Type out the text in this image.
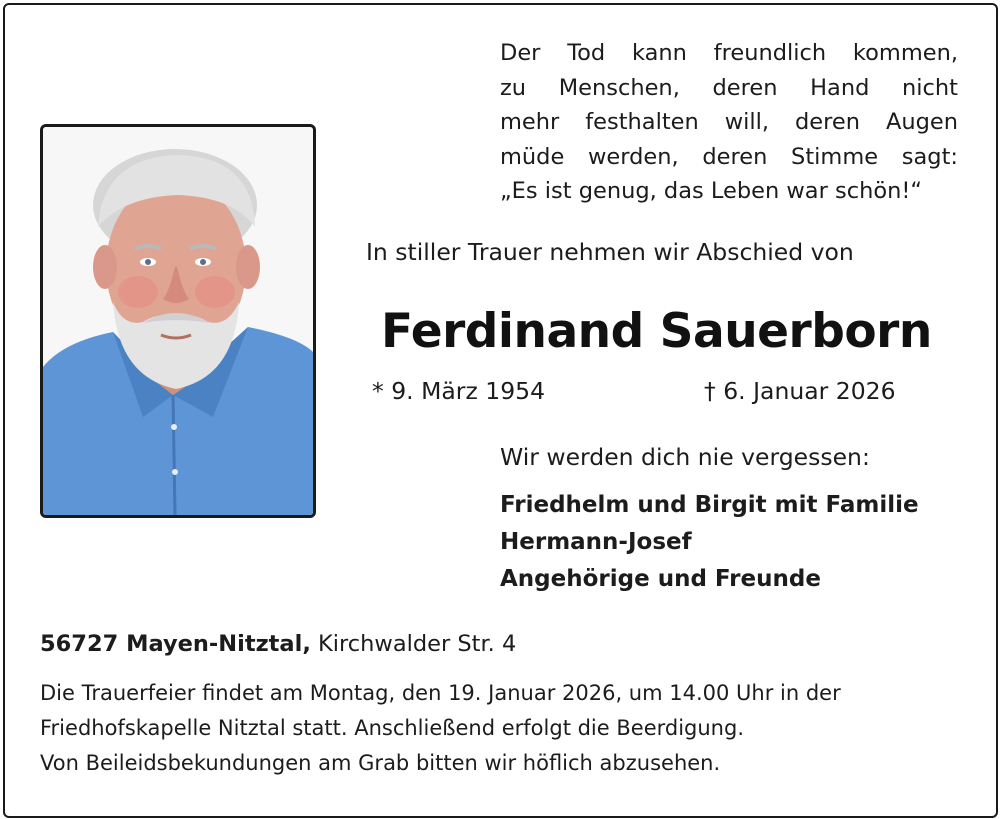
Der Tod kann freundlich kommen,
zu Menschen, deren Hand nicht
mehr festhalten will, deren Augen
müde werden, deren Stimme sagt:
„Es ist genug, das Leben war schön!“
In stiller Trauer nehmen wir Abschied von
Ferdinand Sauerborn
* 9. März 1954	† 6. Januar 2026
Wir werden dich nie vergessen:
Friedhelm und Birgit mit Familie
Hermann-Josef
Angehörige und Freunde
56727 Mayen-Nitztal, Kirchwalder Str. 4
Die Trauerfeier findet am Montag, den 19. Januar 2026, um 14.00 Uhr in der
Friedhofskapelle Nitztal statt. Anschließend erfolgt die Beerdigung.
Von Beileidsbekundungen am Grab bitten wir höflich abzusehen.
